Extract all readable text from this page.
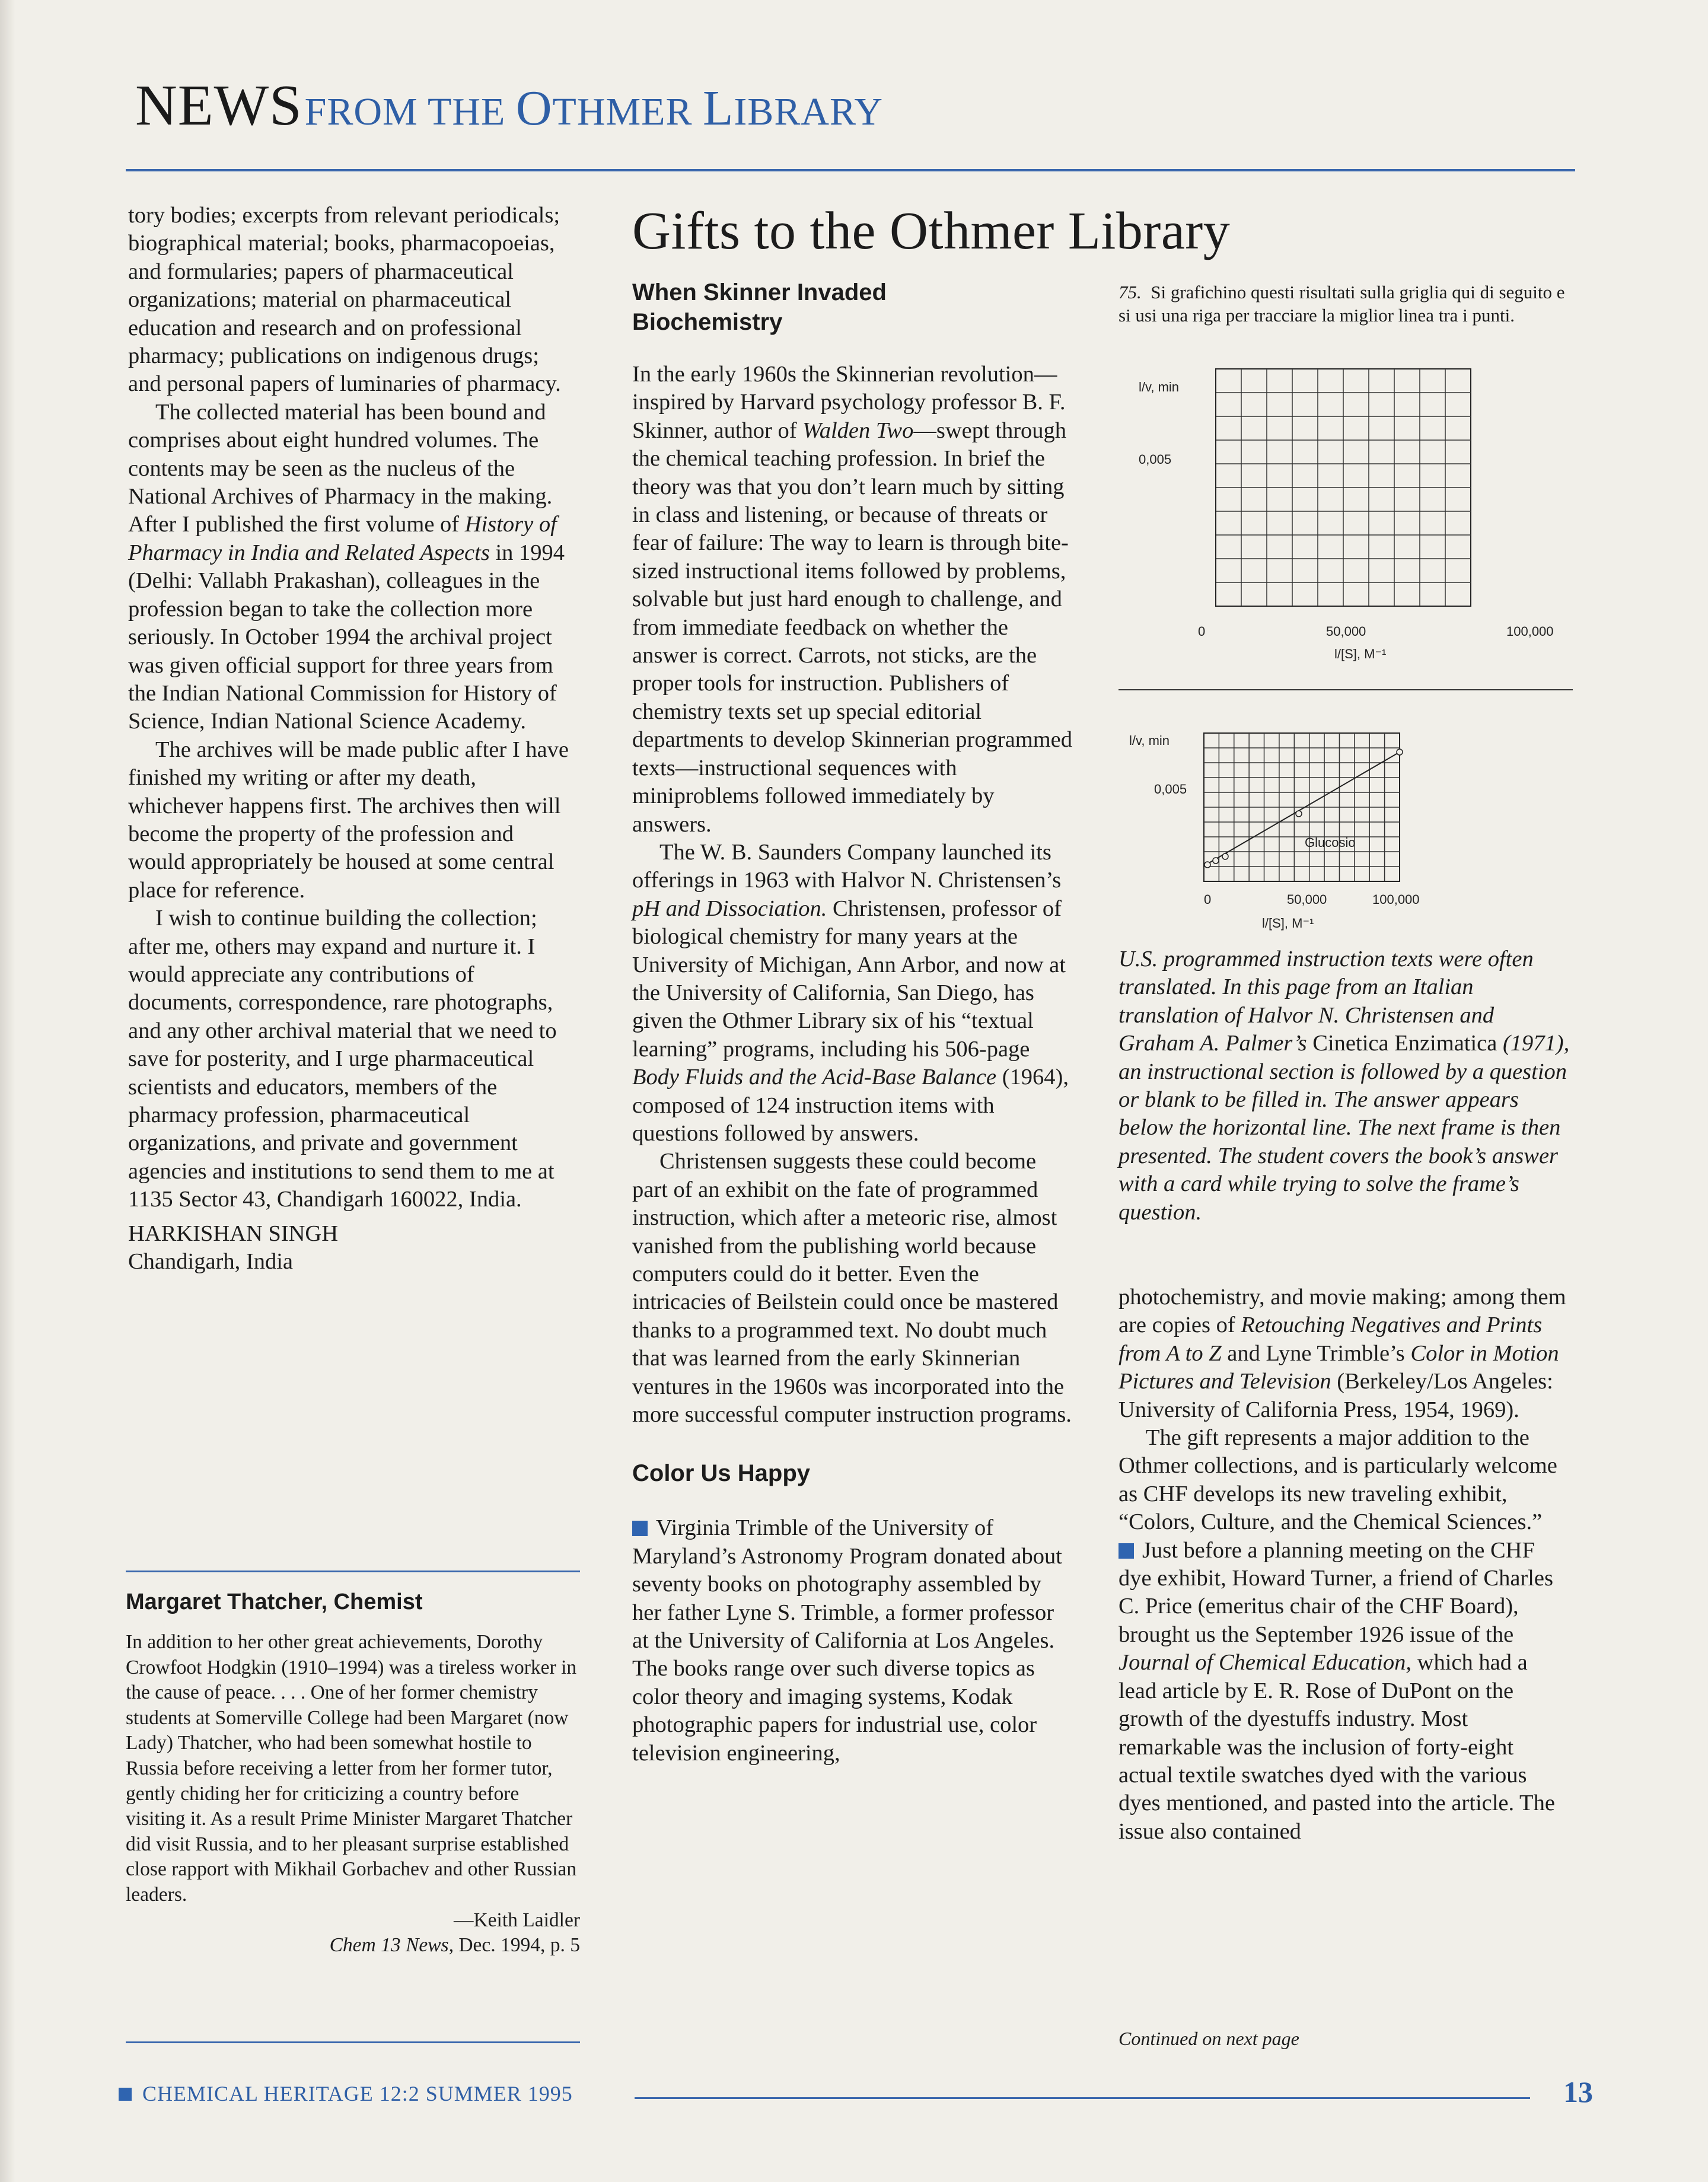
NEWS FROM THE OTHMER LIBRARY

tory bodies; excerpts from relevant periodicals; biographical material; books, pharmacopoeias, and formularies; papers of pharmaceutical organizations; material on pharmaceutical education and research and on professional pharmacy; publications on indigenous drugs; and personal papers of luminaries of pharmacy.

The collected material has been bound and comprises about eight hundred volumes. The contents may be seen as the nucleus of the National Archives of Pharmacy in the making. After I published the first volume of History of Pharmacy in India and Related Aspects in 1994 (Delhi: Vallabh Prakashan), colleagues in the profession began to take the collection more seriously. In October 1994 the archival project was given official support for three years from the Indian National Commission for History of Science, Indian National Science Academy.

The archives will be made public after I have finished my writing or after my death, whichever happens first. The archives then will become the property of the profession and would appropriately be housed at some central place for reference.

I wish to continue building the collection; after me, others may expand and nurture it. I would appreciate any contributions of documents, correspondence, rare photographs, and any other archival material that we need to save for posterity, and I urge pharmaceutical scientists and educators, members of the pharmacy profession, pharmaceutical organizations, and private and government agencies and institutions to send them to me at 1135 Sector 43, Chandigarh 160022, India.

HARKISHAN SINGH

Chandigarh, India

Margaret Thatcher, Chemist

In addition to her other great achievements, Dorothy Crowfoot Hodgkin (1910–1994) was a tireless worker in the cause of peace. . . . One of her former chemistry students at Somerville College had been Margaret (now Lady) Thatcher, who had been somewhat hostile to Russia before receiving a letter from her former tutor, gently chiding her for criticizing a country before visiting it. As a result Prime Minister Margaret Thatcher did visit Russia, and to her pleasant surprise established close rapport with Mikhail Gorbachev and other Russian leaders.

—Keith Laidler

Chem 13 News, Dec. 1994, p. 5

Gifts to the Othmer Library
When Skinner Invaded
Biochemistry

In the early 1960s the Skinnerian revolution—inspired by Harvard psychology professor B. F. Skinner, author of Walden Two—swept through the chemical teaching profession. In brief the theory was that you don’t learn much by sitting in class and listening, or because of threats or fear of failure: The way to learn is through bite-sized instructional items followed by problems, solvable but just hard enough to challenge, and from immediate feedback on whether the answer is correct. Carrots, not sticks, are the proper tools for instruction. Publishers of chemistry texts set up special editorial departments to develop Skinnerian programmed texts—instructional sequences with miniproblems followed immediately by answers.

The W. B. Saunders Company launched its offerings in 1963 with Halvor N. Christensen’s pH and Dissociation. Christensen, professor of biological chemistry for many years at the University of Michigan, Ann Arbor, and now at the University of California, San Diego, has given the Othmer Library six of his “textual learning” programs, including his 506-page Body Fluids and the Acid-Base Balance (1964), composed of 124 instruction items with questions followed by answers.

Christensen suggests these could become part of an exhibit on the fate of programmed instruction, which after a meteoric rise, almost vanished from the publishing world because computers could do it better. Even the intricacies of Beilstein could once be mastered thanks to a programmed text. No doubt much that was learned from the early Skinnerian ventures in the 1960s was incorporated into the more successful computer instruction programs.

Color Us Happy

Virginia Trimble of the University of Maryland’s Astronomy Program donated about seventy books on photography assembled by her father Lyne S. Trimble, a former professor at the University of California at Los Angeles. The books range over such diverse topics as color theory and imaging systems, Kodak photographic papers for industrial use, color television engineering,

75. Si grafichino questi risultati sulla griglia qui di seguito e si usi una riga per tracciare la miglior linea tra i punti.
l/v, min
0,005
0	50,000	100,000
l/[S], M⁻¹
l/v, min
0,005
Glucosio
0	50,000	100,000
l/[S], M⁻¹
U.S. programmed instruction texts were often translated. In this page from an Italian translation of Halvor N. Christensen and Graham A. Palmer’s Cinetica Enzimatica (1971), an instructional section is followed by a question or blank to be filled in. The answer appears below the horizontal line. The next frame is then presented. The student covers the book’s answer with a card while trying to solve the frame’s question.

photochemistry, and movie making; among them are copies of Retouching Negatives and Prints from A to Z and Lyne Trimble’s Color in Motion Pictures and Television (Berkeley/Los Angeles: University of California Press, 1954, 1969).

The gift represents a major addition to the Othmer collections, and is particularly welcome as CHF develops its new traveling exhibit, “Colors, Culture, and the Chemical Sciences.”

Just before a planning meeting on the CHF dye exhibit, Howard Turner, a friend of Charles C. Price (emeritus chair of the CHF Board), brought us the September 1926 issue of the Journal of Chemical Education, which had a lead article by E. R. Rose of DuPont on the growth of the dyestuffs industry. Most remarkable was the inclusion of forty-eight actual textile swatches dyed with the various dyes mentioned, and pasted into the article. The issue also contained

Continued on next page
CHEMICAL HERITAGE 12:2 SUMMER 1995	13
